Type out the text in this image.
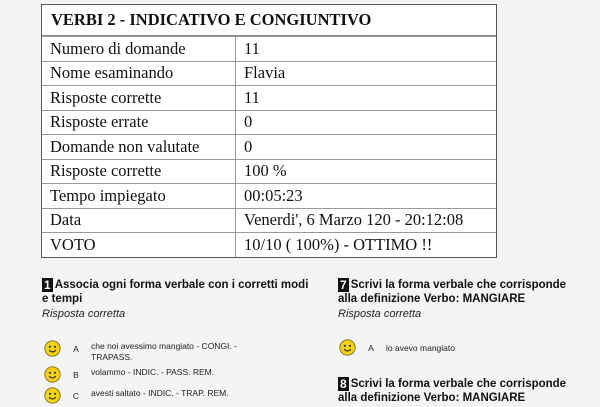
VERBI 2 - INDICATIVO E CONGIUNTIVO
Numero di domande	11
Nome esaminando	Flavia
Risposte corrette	11
Risposte errate	0
Domande non valutate	0
Risposte corrette	100 %
Tempo impiegato	00:05:23
Data	Venerdi', 6 Marzo 120 - 20:12:08
VOTO	10/10 ( 100%) - OTTIMO !!
1 Associa ogni forma verbale con i corretti modi e tempi
Risposta corretta
A	che noi avessimo mangiato - CONGI. - TRAPASS.
B	volammo - INDIC. - PASS. REM.
C	avesti saltato - INDIC. - TRAP. REM.
7 Scrivi la forma verbale che corrisponde alla definizione Verbo: MANGIARE
Risposta corretta
A	lo avevo mangiato
8 Scrivi la forma verbale che corrisponde alla definizione Verbo: MANGIARE
